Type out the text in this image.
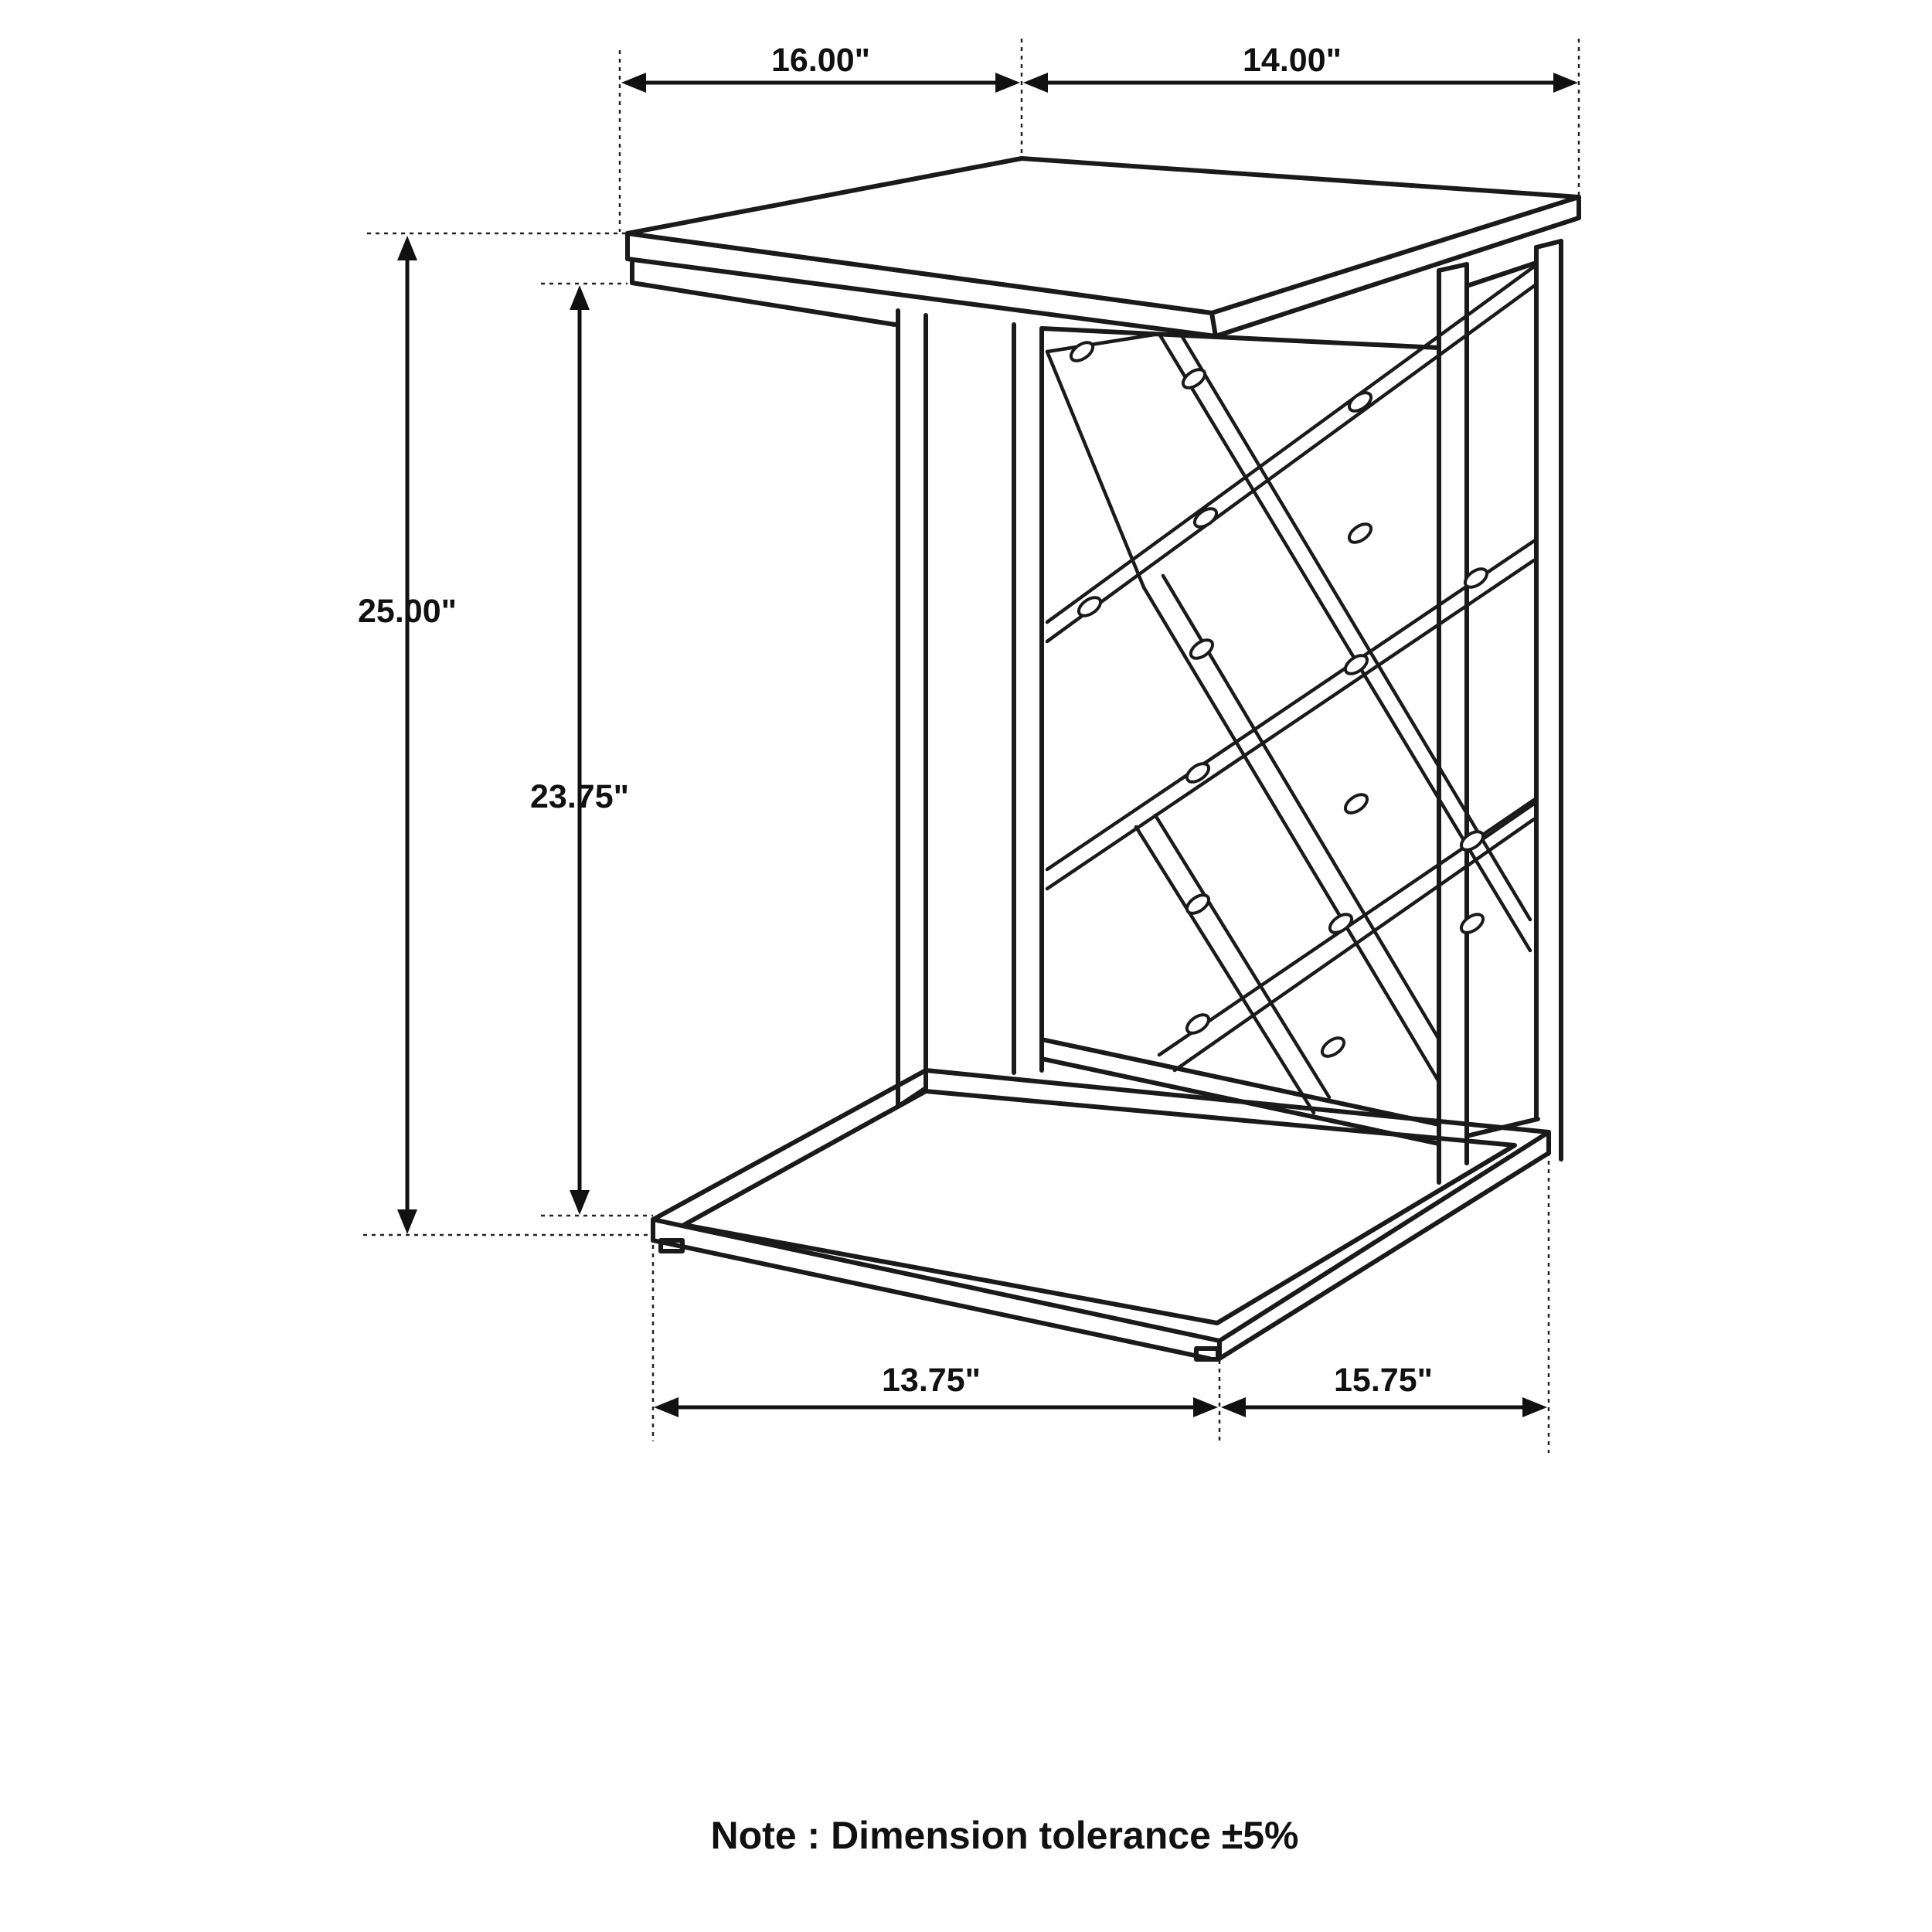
16.00"	14.00"
25.00"
23.75"
13.75"	15.75"
Note : Dimension tolerance ±5%
